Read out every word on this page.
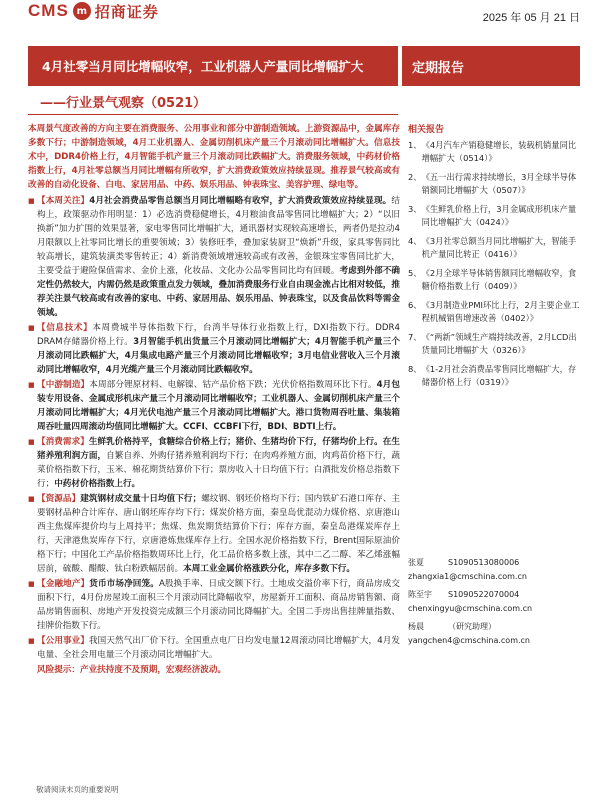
CMS m 招商证券	2025 年 05 月 21 日
4月社零当月同比增幅收窄，工业机器人产量同比增幅扩大	定期报告
——行业景气观察（0521）
本周景气度改善的方向主要在消费服务、公用事业和部分中游制造领域。上游资源品中，金属库存多数下行；中游制造领域，4月工业机器人、金属切削机床产量三个月滚动同比增幅扩大。信息技术中，DDR4价格上行，4月智能手机产量三个月滚动同比跌幅扩大。消费服务领域，中药材价格指数上行，4月社零总额当月同比增幅有所收窄，扩大消费政策效应持续显现。推荐景气较高或有改善的自动化设备、白电、家居用品、中药、娱乐用品、钟表珠宝、美容护理、绿电等。
■ 【本周关注】4月社会消费品零售总额当月同比增幅略有收窄，扩大消费政策效应持续显现。结构上，政策驱动作用明显：1）必选消费稳健增长，4月粮油食品零售同比增幅扩大；2）“以旧换新”加力扩围的效果显著，家电零售同比增幅扩大，通讯器材实现较高速增长，两者仍是拉动4月限额以上社零同比增长的重要领域；3）装修旺季，叠加家装厨卫“焕新”升级，家具零售同比较高增长，建筑装潢类零售转正；4）新消费领域增速较高或有改善，金银珠宝零售同比扩大，主要受益于避险保值需求、金价上涨，化妆品、文化办公品零售同比均有回暖。考虑到外部不确定性仍然较大，内需仍然是政策重点发力领域，叠加消费服务行业自由现金流占比相对较低，推荐关注景气较高或有改善的家电、中药、家居用品、娱乐用品、钟表珠宝，以及食品饮料等需金领域。
■ 【信息技术】本周费城半导体指数下行，台湾半导体行业指数上行，DXI指数下行。DDR4 DRAM存储器价格上行。3月智能手机出货量三个月滚动同比增幅扩大；4月智能手机产量三个月滚动同比跌幅扩大，4月集成电路产量三个月滚动同比增幅收窄；3月电信业营收入三个月滚动同比增幅收窄，4月光缆产量三个月滚动同比跌幅收窄。
■ 【中游制造】本周部分锂原材料、电解镍、钴产品价格下跌；光伏价格指数周环比下行。4月包装专用设备、金属成形机床产量三个月滚动同比增幅收窄；工业机器人、金属切削机床产量三个月滚动同比增幅扩大；4月光伏电池产量三个月滚动同比增幅扩大。港口货物周吞吐量、集装箱周吞吐量四周滚动均值同比增幅扩大。CCFI、CCBFI下行，BDI、BDTI上行。
■ 【消费需求】生鲜乳价格持平，食糖综合价格上行；猪价、生猪均价下行，仔猪均价上行。在生猪养殖利润方面，自繁自养、外购仔猪养殖利润均下行；在肉鸡养殖方面，肉鸡苗价格下行，蔬菜价格指数下行，玉米、棉花期货结算价下行；票房收入十日均值下行；白酒批发价格总指数下行；中药材价格指数上行。
■ 【资源品】建筑钢材成交量十日均值下行；螺纹钢、钢坯价格均下行；国内铁矿石港口库存、主要钢材品种合计库存、唐山钢坯库存均下行；煤炭价格方面，秦皇岛优混动力煤价格、京唐港山西主焦煤库提价均与上周持平；焦煤、焦炭期货结算价下行；库存方面，秦皇岛港煤炭库存上行，天津港焦炭库存下行，京唐港炼焦煤库存上行。全国水泥价格指数下行，Brent国际原油价格下行；中国化工产品价格指数周环比上行，化工品价格多数上涨，其中二乙二醇、苯乙烯涨幅居前，硫酸、醋酸、钛白粉跌幅居前。本周工业金属价格涨跌分化，库存多数下行。
■ 【金融地产】货币市场净回笼。A股换手率、日成交额下行。土地成交溢价率下行，商品房成交面积下行，4月份房屋竣工面积三个月滚动同比降幅收窄，房屋新开工面积、商品房销售额、商品房销售面积、房地产开发投资完成额三个月滚动同比降幅扩大。全国二手房出售挂牌量指数、挂牌价指数下行。
■ 【公用事业】我国天然气出厂价下行。全国重点电厂日均发电量12周滚动同比增幅扩大，4月发电量、全社会用电量三个月滚动同比增幅扩大。
风险提示：产业扶持度不及预期，宏观经济波动。
相关报告
1、 《4月汽车产销稳健增长，装载机销量同比增幅扩大（0514）》
2、 《五一出行需求持续增长，3月全球半导体销额同比增幅扩大（0507）》
3、 《生鲜乳价格上行，3月金属成形机床产量同比增幅扩大（0424）》
4、 《3月社零总额当月同比增幅扩大，智能手机产量同比转正（0416）》
5、 《2月全球半导体销售额同比增幅收窄，食糖价格指数上行（0409）》
6、 《3月制造业PMI环比上行，2月主要企业工程机械销售增速改善（0402）》
7、 《“两新”领域生产端持续改善，2月LCD出货量同比增幅扩大（0326）》
8、 《1-2月社会消费品零售同比增幅扩大，存储器价格上行（0319）》
张夏	S1090513080006
zhangxia1@cmschina.com.cn
陈至宇	S1090522070004
chenxingyu@cmschina.com.cn
杨晨	（研究助理）
yangchen4@cmschina.com.cn
敬请阅读末页的重要说明
